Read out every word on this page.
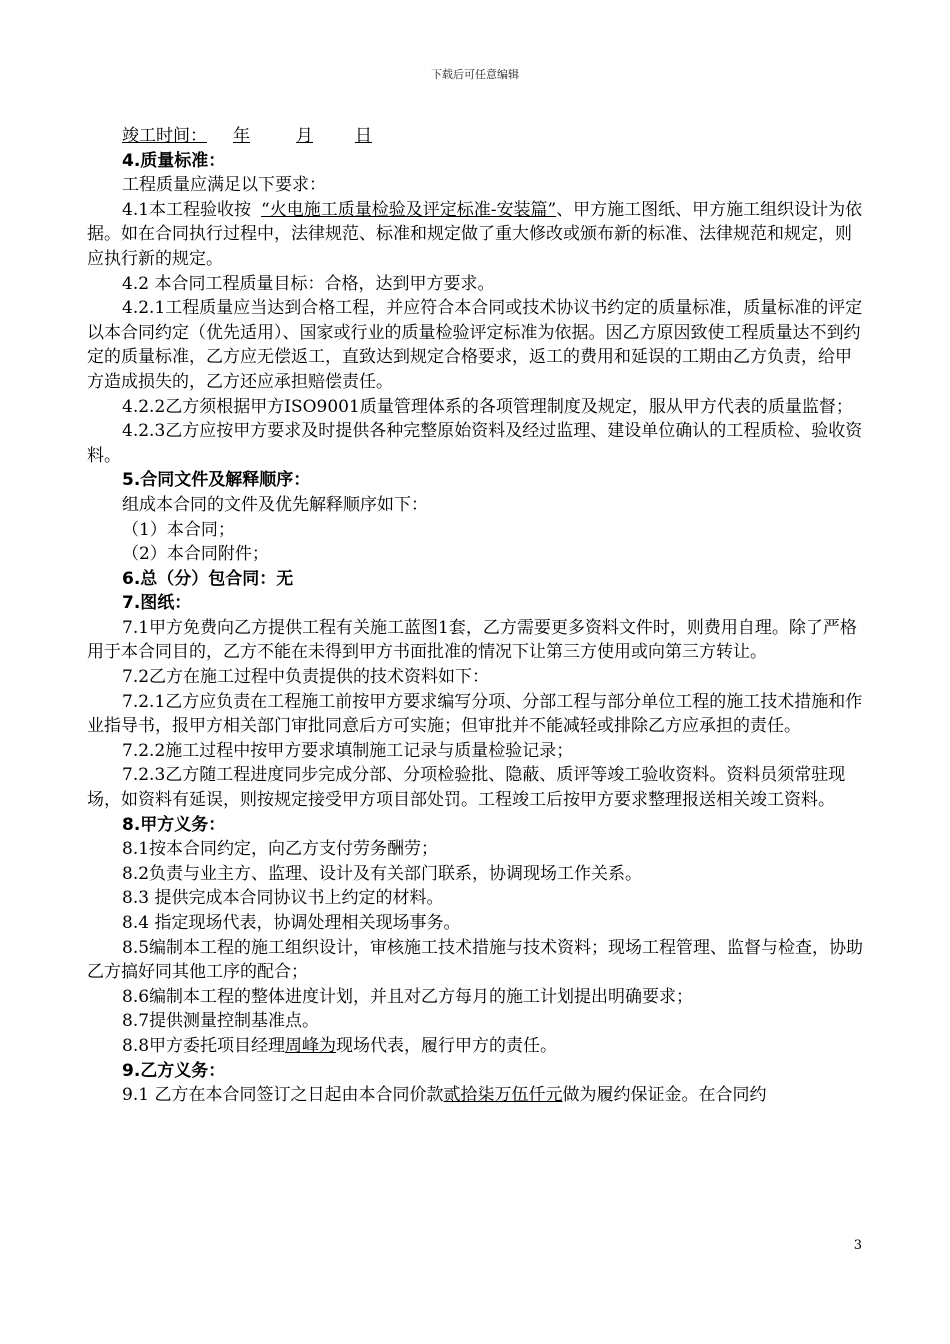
下载后可任意编辑

竣工时间： 年	月 日

4.质量标准：

工程质量应满足以下要求：

4.1本工程验收按 “火电施工质量检验及评定标准-安装篇”、甲方施工图纸、甲方施工组织设计为依据。如在合同执行过程中，法律规范、标准和规定做了重大修改或颁布新的标准、法律规范和规定，则应执行新的规定。

4.2 本合同工程质量目标：合格，达到甲方要求。

4.2.1工程质量应当达到合格工程，并应符合本合同或技术协议书约定的质量标准，质量标准的评定以本合同约定（优先适用）、国家或行业的质量检验评定标准为依据。因乙方原因致使工程质量达不到约定的质量标准，乙方应无偿返工，直致达到规定合格要求，返工的费用和延误的工期由乙方负责，给甲方造成损失的，乙方还应承担赔偿责任。

4.2.2乙方须根据甲方ISO9001质量管理体系的各项管理制度及规定，服从甲方代表的质量监督；

4.2.3乙方应按甲方要求及时提供各种完整原始资料及经过监理、建设单位确认的工程质检、验收资料。

5.合同文件及解释顺序：

组成本合同的文件及优先解释顺序如下：

（1）本合同；

（2）本合同附件；

6.总（分）包合同：无

7.图纸：

7.1甲方免费向乙方提供工程有关施工蓝图1套，乙方需要更多资料文件时，则费用自理。除了严格用于本合同目的，乙方不能在未得到甲方书面批准的情况下让第三方使用或向第三方转让。

7.2乙方在施工过程中负责提供的技术资料如下：

7.2.1乙方应负责在工程施工前按甲方要求编写分项、分部工程与部分单位工程的施工技术措施和作业指导书，报甲方相关部门审批同意后方可实施；但审批并不能减轻或排除乙方应承担的责任。

7.2.2施工过程中按甲方要求填制施工记录与质量检验记录；

7.2.3乙方随工程进度同步完成分部、分项检验批、隐蔽、质评等竣工验收资料。资料员须常驻现场，如资料有延误，则按规定接受甲方项目部处罚。工程竣工后按甲方要求整理报送相关竣工资料。

8.甲方义务：

8.1按本合同约定，向乙方支付劳务酬劳；

8.2负责与业主方、监理、设计及有关部门联系，协调现场工作关系。

8.3 提供完成本合同协议书上约定的材料。

8.4 指定现场代表，协调处理相关现场事务。

8.5编制本工程的施工组织设计，审核施工技术措施与技术资料；现场工程管理、监督与检查，协助乙方搞好同其他工序的配合；

8.6编制本工程的整体进度计划，并且对乙方每月的施工计划提出明确要求；

8.7提供测量控制基准点。

8.8甲方委托项目经理周峰为现场代表，履行甲方的责任。

9.乙方义务：

9.1 乙方在本合同签订之日起由本合同价款贰拾柒万伍仟元做为履约保证金。在合同约

3
